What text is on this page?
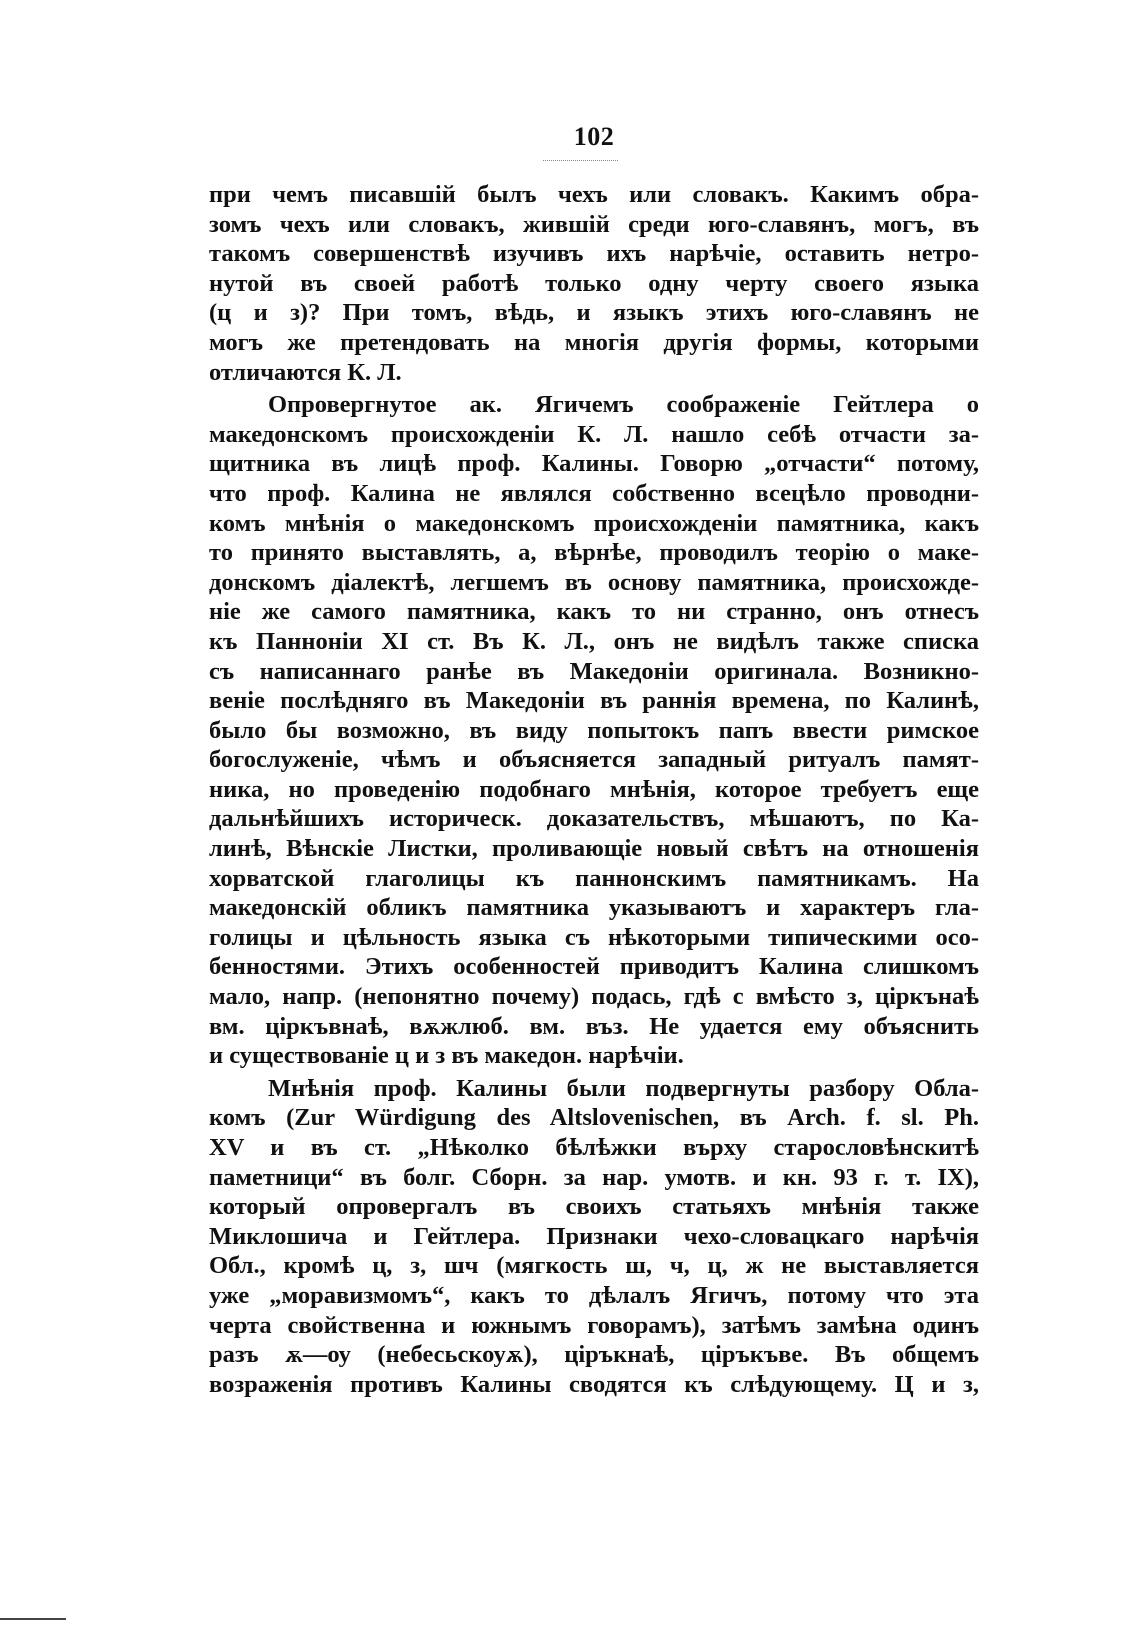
102

при чемъ писавшій былъ чехъ или словакъ. Какимъ обра-
зомъ чехъ или словакъ, жившій среди юго-славянъ, могъ, въ
такомъ совершенствѣ изучивъ ихъ нарѣчіе, оставить нетро-
нутой въ своей работѣ только одну черту своего языка
(ц и з)? При томъ, вѣдь, и языкъ этихъ юго-славянъ не
могъ же претендовать на многія другія формы, которыми
отличаются К. Л.
Опровергнутое ак. Ягичемъ соображеніе Гейтлера о
македонскомъ происхожденіи К. Л. нашло себѣ отчасти за-
щитника въ лицѣ проф. Калины. Говорю „отчасти“ потому,
что проф. Калина не являлся собственно всецѣло проводни-
комъ мнѣнія о македонскомъ происхожденіи памятника, какъ
то принято выставлять, а, вѣрнѣе, проводилъ теорію о маке-
донскомъ діалектѣ, легшемъ въ основу памятника, происхожде-
ніе же самого памятника, какъ то ни странно, онъ отнесъ
къ Паннонiи XI ст. Въ К. Л., онъ не видѣлъ также списка
съ написаннаго ранѣе въ Македоніи оригинала. Возникно-
веніе послѣдняго въ Македоніи въ раннія времена, по Калинѣ,
было бы возможно, въ виду попытокъ папъ ввести римское
богослуженіе, чѣмъ и объясняется западный ритуалъ памят-
ника, но проведенію подобнаго мнѣнія, которое требуетъ еще
дальнѣйшихъ историческ. доказательствъ, мѣшаютъ, по Ка-
линѣ, Вѣнскіе Листки, проливающіе новый свѣтъ на отношенія
хорватской глаголицы къ паннонскимъ памятникамъ. На
македонскій обликъ памятника указываютъ и характеръ гла-
голицы и цѣльность языка съ нѣкоторыми типическими осо-
бенностями. Этихъ особенностей приводитъ Калина слишкомъ
мало, напр. (непонятно почему) подась, гдѣ с вмѣсто з, цiркънаѣ
вм. цiркъвнаѣ, вѫжлюб. вм. въз. Не удается ему объяснить
и существованіе ц и з въ македон. нарѣчіи.
Мнѣнія проф. Калины были подвергнуты разбору Обла-
комъ (Zur Würdigung des Altslovenischen, въ Arch. f. sl. Ph.
XV и въ ст. „Нѣколко бѣлѣжки върху старословѣнскитѣ
паметници“ въ болг. Сборн. за нар. умотв. и кн. 93 г. т. IX),
который опровергалъ въ своихъ статьяхъ мнѣнія также
Миклошича и Гейтлера. Признаки чехо-словацкаго нарѣчія
Обл., кромѣ ц, з, шч (мягкость ш, ч, ц, ж не выставляется
уже „моравизмомъ“, какъ то дѣлалъ Ягичъ, потому что эта
черта свойственна и южнымъ говорамъ), затѣмъ замѣна одинъ
разъ ѫ—оу (небесьскоуѫ), цiръкнаѣ, цiръкъве. Въ общемъ
возраженія противъ Калины сводятся къ слѣдующему. Ц и з,
